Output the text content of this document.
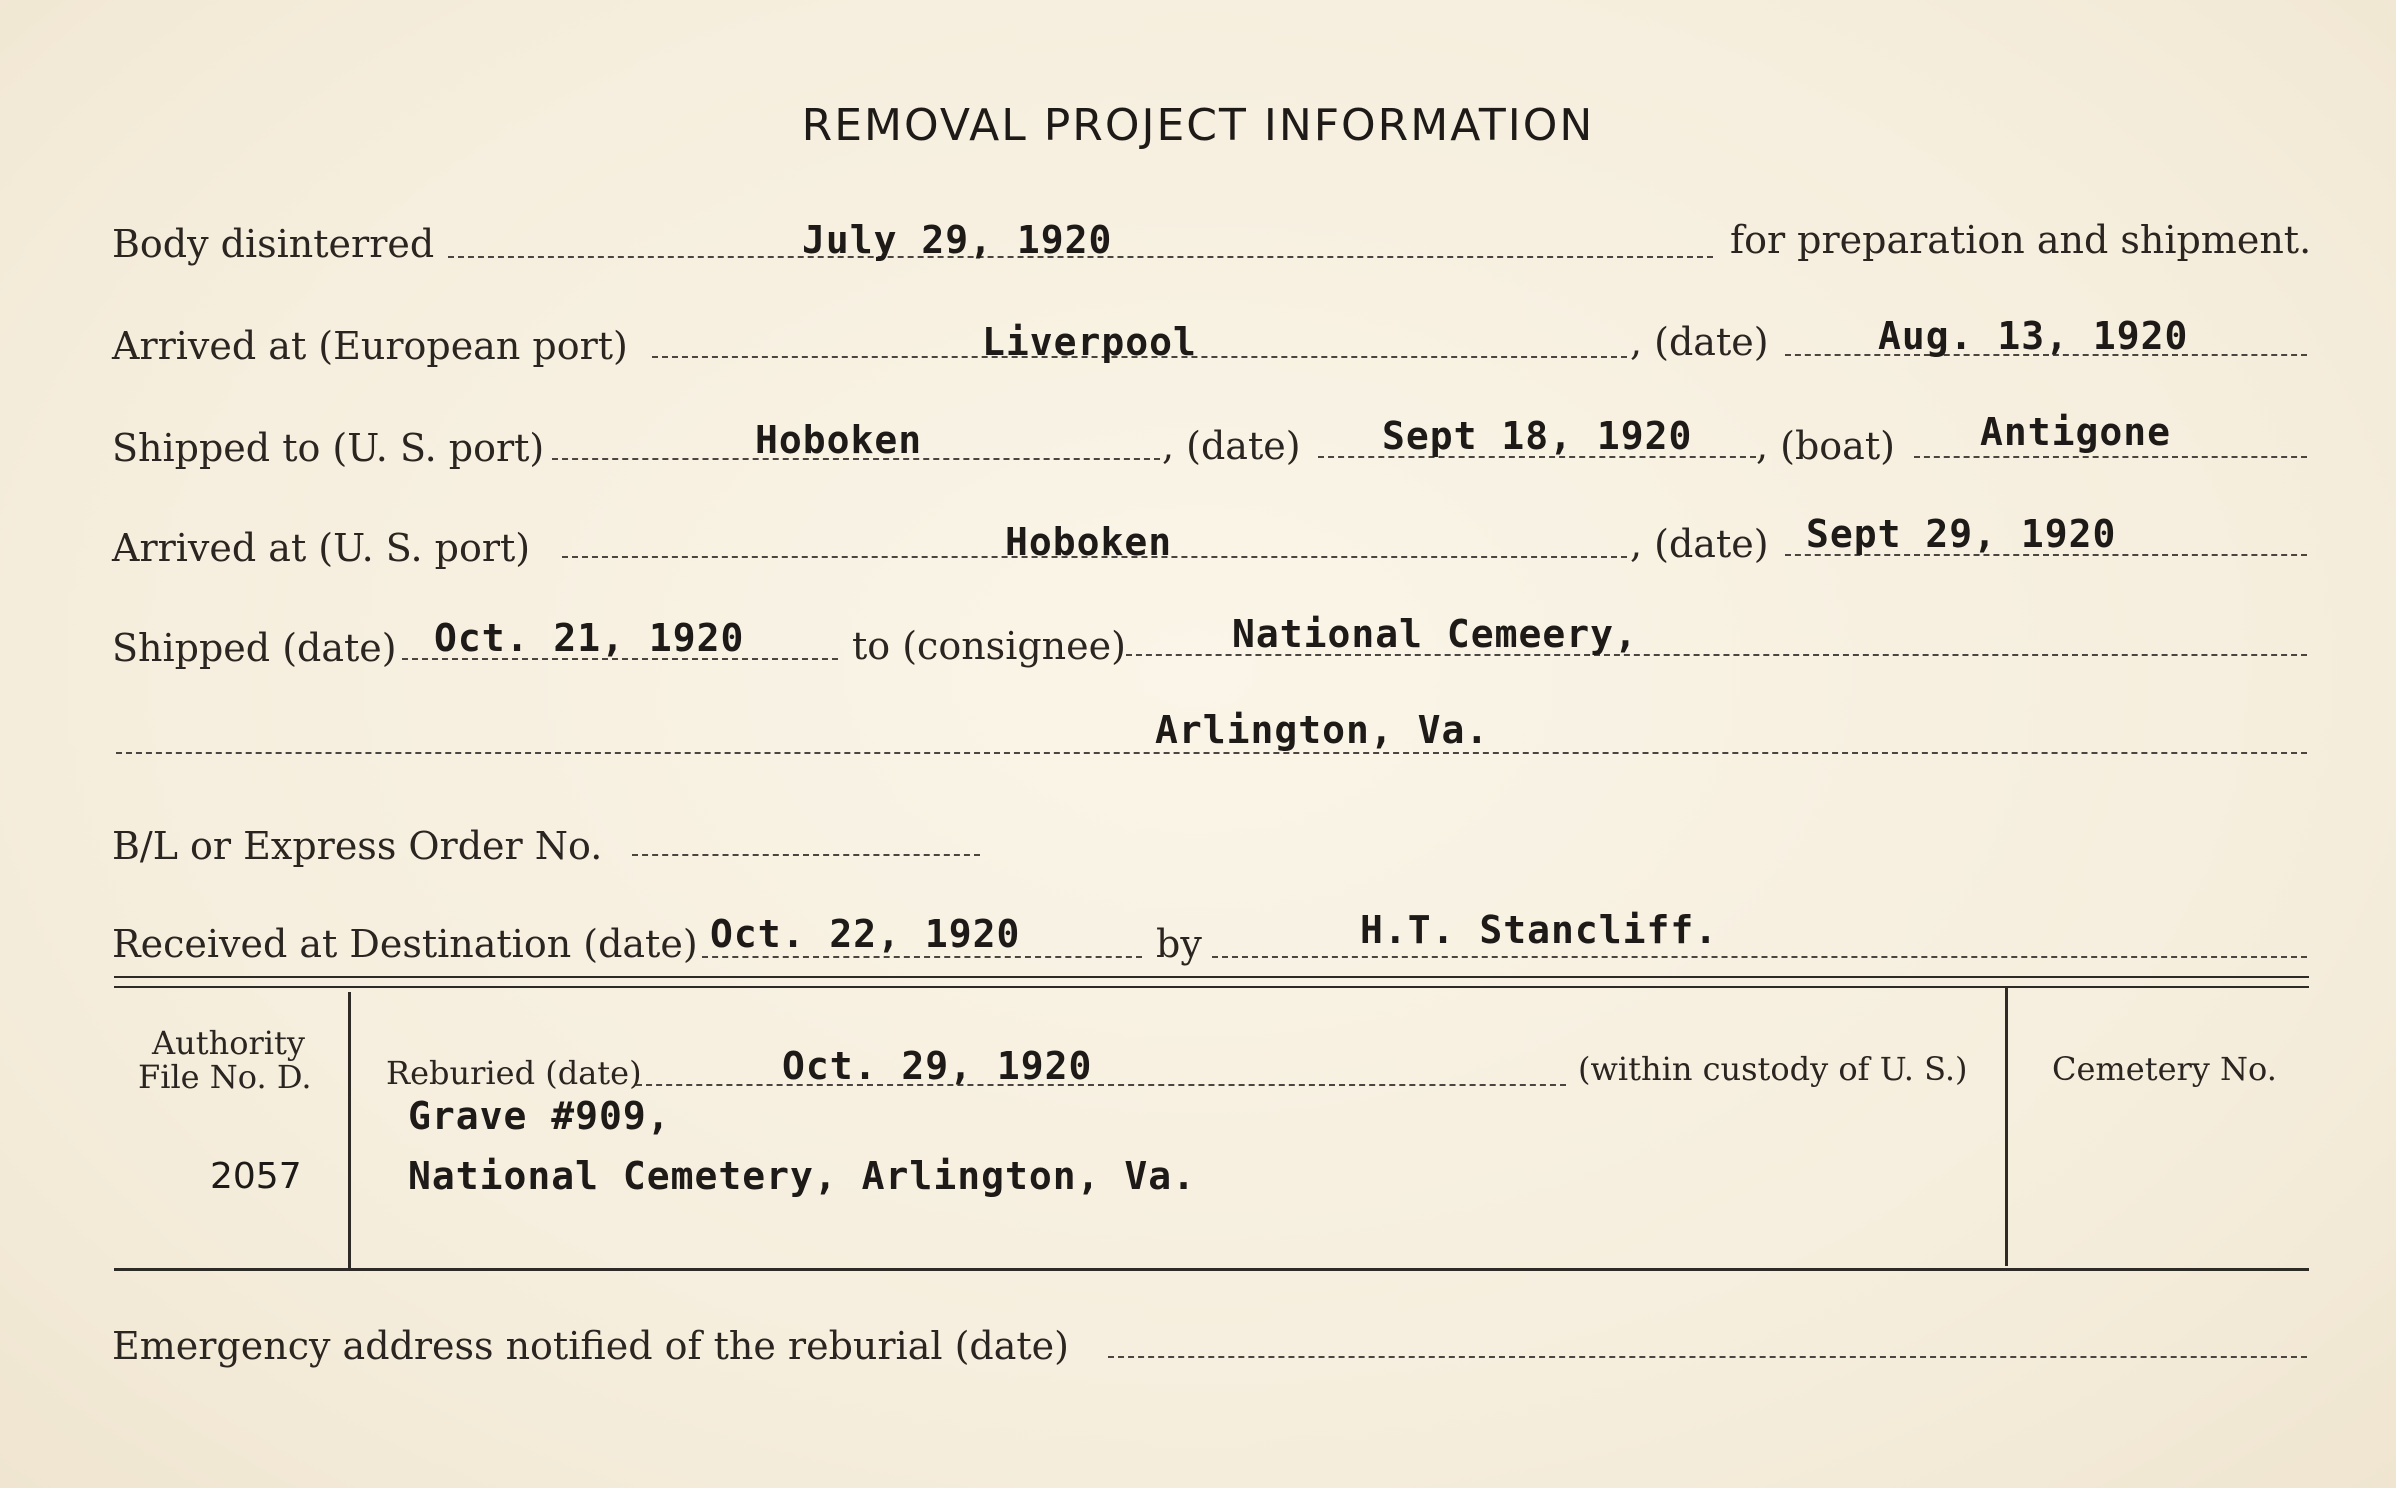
REMOVAL PROJECT INFORMATION
Body disinterred	July 29, 1920	for preparation and shipment.
Arrived at (European port)	Liverpool	, (date)	Aug. 13, 1920
Shipped to (U. S. port)	Hoboken	, (date) Sept 18, 1920 , (boat) Antigone
Arrived at (U. S. port)	Hoboken	, (date) Sept 29, 1920
Shipped (date) Oct. 21, 1920	to (consignee)	National Cemeery,
Arlington, Va.
B/L or Express Order No.
Received at Destination (date) Oct. 22, 1920	by	H.T. Stancliff.
Authority
File No. D.
2057
Reburied (date)	Oct. 29, 1920	(within custody of U. S.)
Grave #909,
National Cemetery, Arlington, Va.
Cemetery No.
Emergency address notified of the reburial (date)
